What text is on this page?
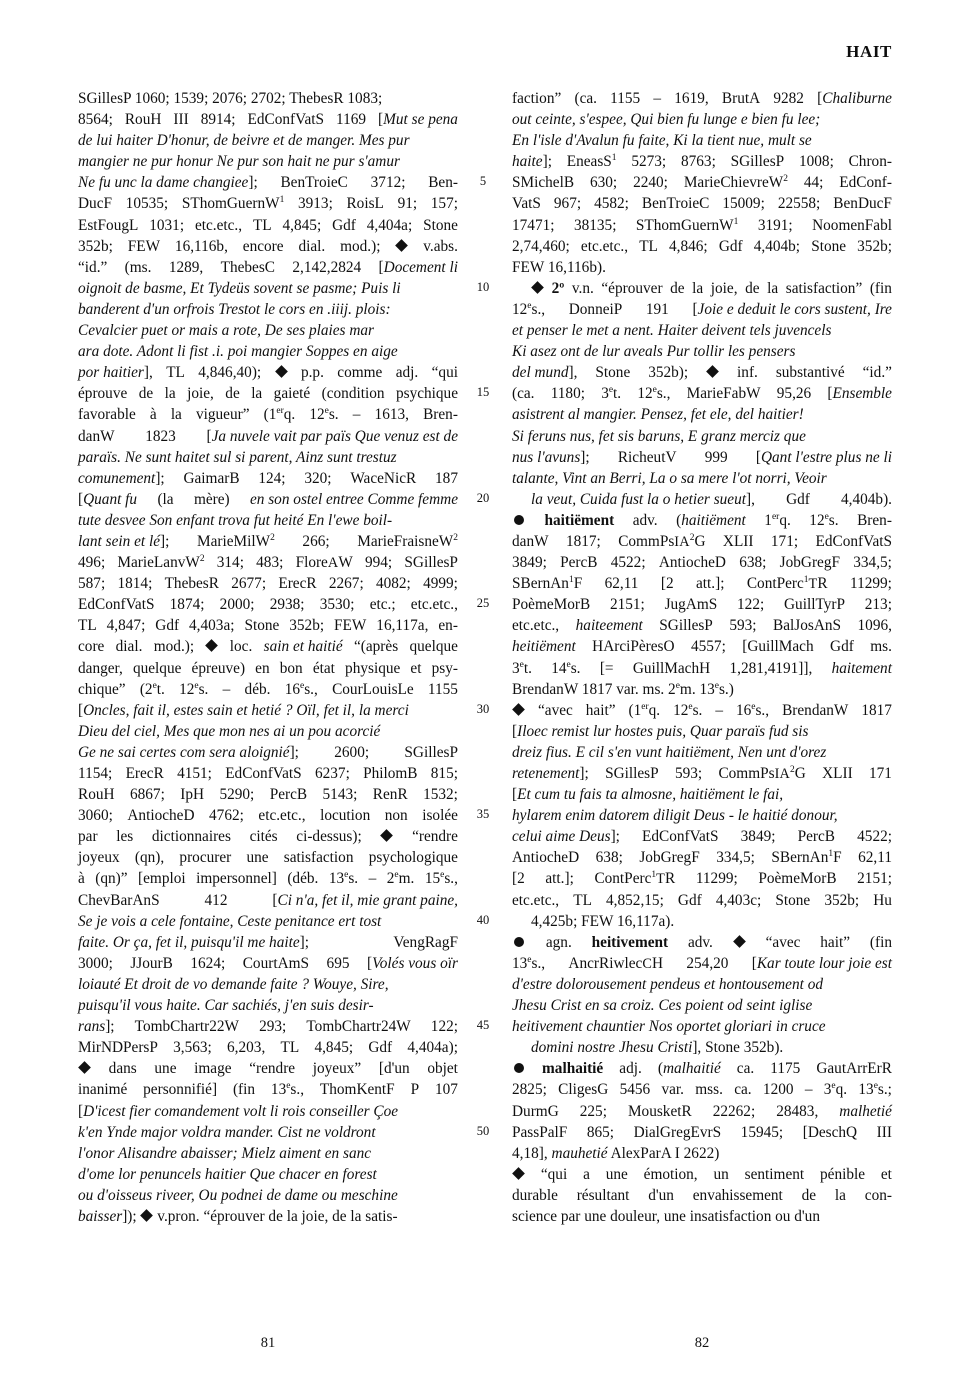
HAIT
SGillesP 1060; 1539; 2076; 2702; ThebesR 1083;
8564; RouH III 8914; EdConfVatS 1169 [Mut se pena
de lui haiter D'honur, de beivre et de manger. Mes pur
mangier ne pur honur Ne pur son hait ne pur s'amur
Ne fu unc la dame changiee]; BenTroieC 3712; Ben-
DucF 10535; SThomGuernW$^1$ 3913; RoisL 91; 157;
EstFougL 1031; etc.etc., TL 4,845; Gdf 4,404a; Stone
352b; FEW 16,116b, encore dial. mod.);	v.abs.
“id.” (ms. 1289, ThebesC 2,142,2824 [Docement li
oignoit de basme, Et Tydeüs sovent se pasme; Puis li
banderent d'un orfrois Trestot le cors en .iiij. plois:
Cevalcier puet or mais a rote, De ses plaies mar
ara dote. Adont li fist .i. poi mangier Soppes en aige
por haitier], TL 4,846,40);	p.p. comme adj. “qui
éprouve de la joie, de la gaieté (condition psychique
favorable à la vigueur” (1erq. 12es. – 1613, Bren-
danW 1823 [Ja nuvele vait par païs Que venuz est de
paraïs. Ne sunt haitet sul si parent, Ainz sunt trestuz
comunement]; GaimarB 124; 320; WaceNicR 187
[Quant fu (la mère) en son ostel entree Comme femme
tute desvee Son enfant trova fut heité En l'ewe boil-
lant sein et lé]; MarieMilW$^2$ 266; MarieFraisneW$^2$
496; MarieLanvW$^2$ 314; 483; FloreAW 994; SGillesP
587; 1814; ThebesR 2677; ErecR 2267; 4082; 4999;
EdConfVatS 1874; 2000; 2938; 3530; etc.; etc.etc.,
TL 4,847; Gdf 4,403a; Stone 352b; FEW 16,117a, en-
core dial. mod.); loc. sain et haitié “(après quelque
danger, quelque épreuve) en bon état physique et psy-
chique” (2et. 12es. – déb. 16es., CourLouisLe 1155
[Oncles, fait il, estes sain et hetié ? Oïl, fet il, la merci
Dieu del ciel, Mes que mon nes ai un pou acorcié
Ge ne sai certes com sera aloignié]; 2600; SGillesP
1154; ErecR 4151; EdConfVatS 6237; PhilomB 815;
RouH 6867; IpH 5290; PercB 5143; RenR 1532;
3060; AntiocheD 4762; etc.etc., locution non isolée
par les dictionnaires cités ci-dessus);	“rendre
joyeux (qn), procurer une satisfaction psychologique
à (qn)” [emploi impersonnel] (déb. 13es. – 2em. 15es.,
ChevBarAnS	412	[Ci n'a, fet il, mie grant paine,
Se je vois a cele fontaine, Ceste penitance ert tost
faite. Or ça, fet il, puisqu'il me haite];	VengRagF
3000; JJourB 1624; CourtAmS 695 [Volés vous oïr
loiauté Et droit de vo demande faite ? Wouye, Sire,
puisqu'il vous haite. Car sachiés, j'en suis desir-
rans]; TombChartr22W 293; TombChartr24W 122;
MirNDPersP 3,563; 6,203, TL 4,845; Gdf 4,404a);
dans une image “rendre joyeux” [d'un objet
inanimé personnifié] (fin 13es., ThomKentF P 107
[D'icest fier comandement volt li rois conseiller Çoe
k'en Ynde major voldra mander. Cist ne voldront
l'onor Alisandre abaisser; Mielz aiment en sanc
d'ome lor penuncels haitier Que chacer en forest
ou d'oisseus riveer, Ou podnei de dame ou meschine
baisser]);  v.pron. “éprouver de la joie, de la satis-
5
10
15
20
25
30
35
40
45
50
faction” (ca. 1155 – 1619, BrutA 9282 [Chaliburne
out ceinte, s'espee, Qui bien fu lunge e bien fu lee;
En l'isle d'Avalun fu faite, Ki la tient nue, mult se
haite]; EneasS$^1$ 5273; 8763; SGillesP 1008; Chron-
SMichelB 630; 2240; MarieChievreW$^2$ 44; EdConf-
VatS 967; 4582; BenTroieC 15009; 22558; BenDucF
17471; 38135; SThomGuernW$^1$ 3191; NoomenFabl
2,74,460; etc.etc., TL 4,846; Gdf 4,404b; Stone 352b;
FEW 16,116b).
2º v.n. “éprouver de la joie, de la satisfaction” (fin
12es., DonneiP 191 [Joie e deduit le cors sustent, Ire
et penser le met a nent. Haiter deivent tels juvencels
Ki asez ont de lur aveals Pur tollir les pensers
del mund], Stone 352b);	inf. substantivé “id.”
(ca. 1180; 3et. 12es., MarieFabW 95,26 [Ensemble
asistrent al mangier. Pensez, fet ele, del haitier!
Si feruns nus, fet sis baruns, E granz merciz que
nus l'avuns]; RicheutV 999 [Qant l'estre plus ne li
talante, Vint an Berri, La o sa mere l'ot norri, Veoir
la veut, Cuida fust la o hetier sueut], Gdf 4,404b).
haitiëment adv. (haitiëment 1erq. 12es. Bren-
danW 1817; CommPsIA$^2$G XLII 171; EdConfVatS
3849; PercB 4522; AntiocheD 638; JobGregF 334,5;
SBernAn$^1$F 62,11 [2 att.]; ContPerc$^1$TR 11299;
PoèmeMorB 2151; JugAmS 122; GuillTyrP 213;
etc.etc., haiteement SGillesP 593; BalJosAnS 1096,
heitiëment HArciPèresO 4557; [GuillMach Gdf ms.
3et. 14es. [= GuillMachH 1,281,4191]], haitement
BrendanW 1817 var. ms. 2em. 13es.)
“avec hait” (1erq. 12es. – 16es., BrendanW 1817
[Iloec remist lur hostes puis, Quar paraïs fud sis
dreiz fius. E cil s'en vunt haitiëment, Nen unt d'orez
retenement]; SGillesP 593; CommPsIA$^2$G XLII 171
[Et cum tu fais ta almosne, haitiëment le fai,
hylarem enim datorem diligit Deus - le haitié donour,
celui aime Deus]; EdConfVatS 3849; PercB 4522;
AntiocheD 638; JobGregF 334,5; SBernAn$^1$F 62,11
[2 att.]; ContPerc$^1$TR 11299; PoèmeMorB 2151;
etc.etc., TL 4,852,15; Gdf 4,403c; Stone 352b; Hu
4,425b; FEW 16,117a).
agn. heitivement adv.	“avec hait” (fin
13es., AncrRiwlecCH 254,20 [Kar toute lour joie est
d'estre dolorousement pendeus et hontousement od
Jhesu Crist en sa croiz. Ces poient od seint iglise
heitivement chauntier Nos oportet gloriari in cruce
domini nostre Jhesu Cristi], Stone 352b).
malhaitié adj. (malhaitié ca. 1175 GautArrErR
2825; CligesG 5456 var. mss. ca. 1200 – 3eq. 13es.;
DurmG 225; MousketR 22262; 28483, malhetié
PassPalF 865; DialGregEvrS 15945; [DeschQ III
4,18], mauhetié AlexParA I 2622)
“qui a une émotion, un sentiment pénible et
durable résultant d'un envahissement de la con-
science par une douleur, une insatisfaction ou d'un
81	82
